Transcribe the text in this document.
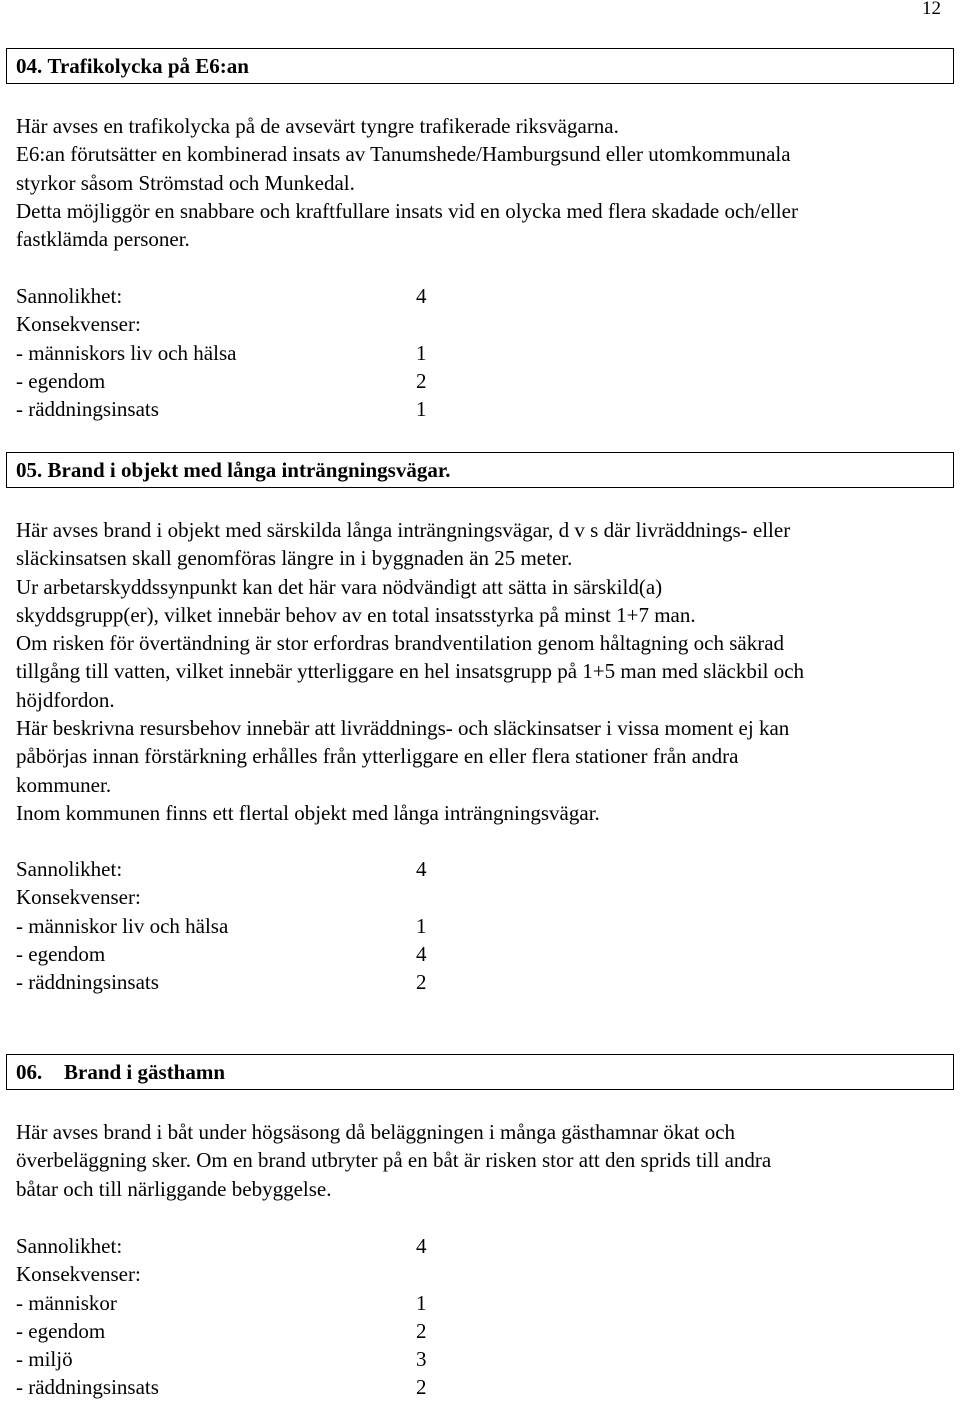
12
04.
Trafikolycka på E6:an

Här avses en trafikolycka på de avsevärt tyngre trafikerade riksvägarna.
E6:an förutsätter en kombinerad insats av Tanumshede/Hamburgsund eller utomkommunala
styrkor såsom Strömstad och Munkedal.
Detta möjliggör en snabbare och kraftfullare insats vid en olycka med flera skadade och/eller
fastklämda personer.

Sannolikhet:	4
Konsekvenser:
- människors liv och hälsa	1
- egendom	2
- räddningsinsats	1
05.
Brand i objekt med långa inträngningsvägar.

Här avses brand i objekt med särskilda långa inträngningsvägar, d v s där livräddnings- eller
släckinsatsen skall genomföras längre in i byggnaden än 25 meter.
Ur arbetarskyddssynpunkt kan det här vara nödvändigt att sätta in särskild(a)
skyddsgrupp(er), vilket innebär behov av en total insatsstyrka på minst 1+7 man.
Om risken för övertändning är stor erfordras brandventilation genom håltagning och säkrad
tillgång till vatten, vilket innebär ytterliggare en hel insatsgrupp på 1+5 man med släckbil och
höjdfordon.
Här beskrivna resursbehov innebär att livräddnings- och släckinsatser i vissa moment ej kan
påbörjas innan förstärkning erhålles från ytterliggare en eller flera stationer från andra
kommuner.
Inom kommunen finns ett flertal objekt med långa inträngningsvägar.

Sannolikhet:	4
Konsekvenser:
- människor liv och hälsa	1
- egendom	4
- räddningsinsats	2
06.	Brand i gästhamn

Här avses brand i båt under högsäsong då beläggningen i många gästhamnar ökat och
överbeläggning sker. Om en brand utbryter på en båt är risken stor att den sprids till andra
båtar och till närliggande bebyggelse.

Sannolikhet:	4
Konsekvenser:
- människor	1
- egendom	2
- miljö	3
- räddningsinsats	2
